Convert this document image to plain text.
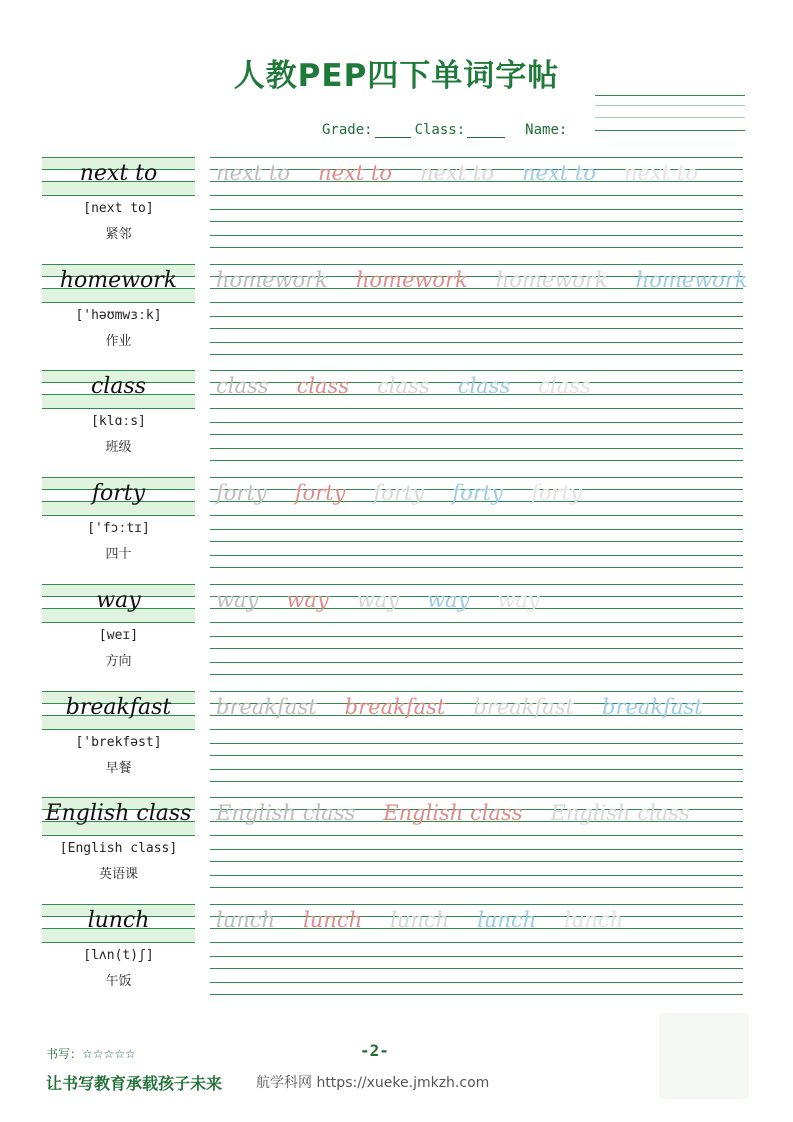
人教PEP四下单词字帖
Grade:	Class:	Name:
next to
[next to]
紧邻
next to next to next to next to next to
homework
['həʊmwɜːk]
作业
homework homework homework homework
class
[klɑːs]
班级
class class class class class
forty
['fɔːtɪ]
四十
forty forty forty forty forty
way
[weɪ]
方向
way way way way way
breakfast
['brekfəst]
早餐
breakfast breakfast breakfast breakfast
English class
[English class]
英语课
English class English class English class
lunch
[lʌn(t)ʃ]
午饭
lunch lunch lunch lunch lunch
书写：☆☆☆☆☆	-2-
让书写教育承载孩子未来 航学科网 https://xueke.jmkzh.com
